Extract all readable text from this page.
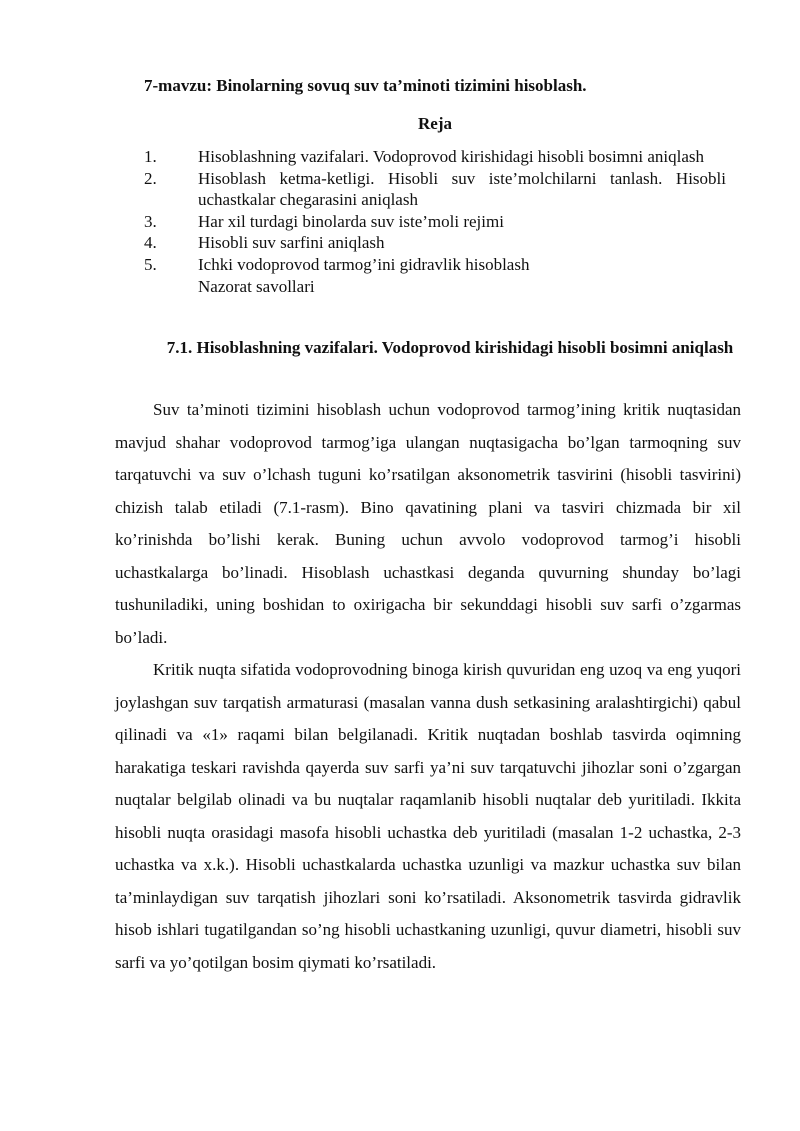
7-mavzu: Binolarning sovuq suv ta’minoti tizimini hisoblash.
Reja
1.	Hisoblashning vazifalari. Vodoprovod kirishidagi hisobli bosimni aniqlash
2.	Hisoblash ketma-ketligi. Hisobli suv iste’molchilarni tanlash. Hisobli uchastkalar chegarasini aniqlash
3.	Har xil turdagi binolarda suv iste’moli rejimi
4.	Hisobli suv sarfini aniqlash
5.	Ichki vodoprovod tarmog’ini gidravlik hisoblash
Nazorat savollari
7.1. Hisoblashning vazifalari. Vodoprovod kirishidagi hisobli bosimni aniqlash

Suv ta’minoti tizimini hisoblash uchun vodoprovod tarmog’ining kritik nuqtasidan mavjud shahar vodoprovod tarmog’iga ulangan nuqtasigacha bo’lgan tarmoqning suv tarqatuvchi va suv o’lchash tuguni ko’rsatilgan aksonometrik tasvirini (hisobli tasvirini) chizish talab etiladi (7.1-rasm). Bino qavatining plani va tasviri chizmada bir xil ko’rinishda bo’lishi kerak. Buning uchun avvolo vodoprovod tarmog’i hisobli uchastkalarga bo’linadi. Hisoblash uchastkasi deganda quvurning shunday bo’lagi tushuniladiki, uning boshidan to oxirigacha bir sekunddagi hisobli suv sarfi o’zgarmas bo’ladi.

Kritik nuqta sifatida vodoprovodning binoga kirish quvuridan eng uzoq va eng yuqori joylashgan suv tarqatish armaturasi (masalan vanna dush setkasining aralashtirgichi) qabul qilinadi va «1» raqami bilan belgilanadi. Kritik nuqtadan boshlab tasvirda oqimning harakatiga teskari ravishda qayerda suv sarfi ya’ni suv tarqatuvchi jihozlar soni o’zgargan nuqtalar belgilab olinadi va bu nuqtalar raqamlanib hisobli nuqtalar deb yuritiladi. Ikkita hisobli nuqta orasidagi masofa hisobli uchastka deb yuritiladi (masalan 1-2 uchastka, 2-3 uchastka va x.k.). Hisobli uchastkalarda uchastka uzunligi va mazkur uchastka suv bilan ta’minlaydigan suv tarqatish jihozlari soni ko’rsatiladi. Aksonometrik tasvirda gidravlik hisob ishlari tugatilgandan so’ng hisobli uchastkaning uzunligi, quvur diametri, hisobli suv sarfi va yo’qotilgan bosim qiymati ko’rsatiladi.
